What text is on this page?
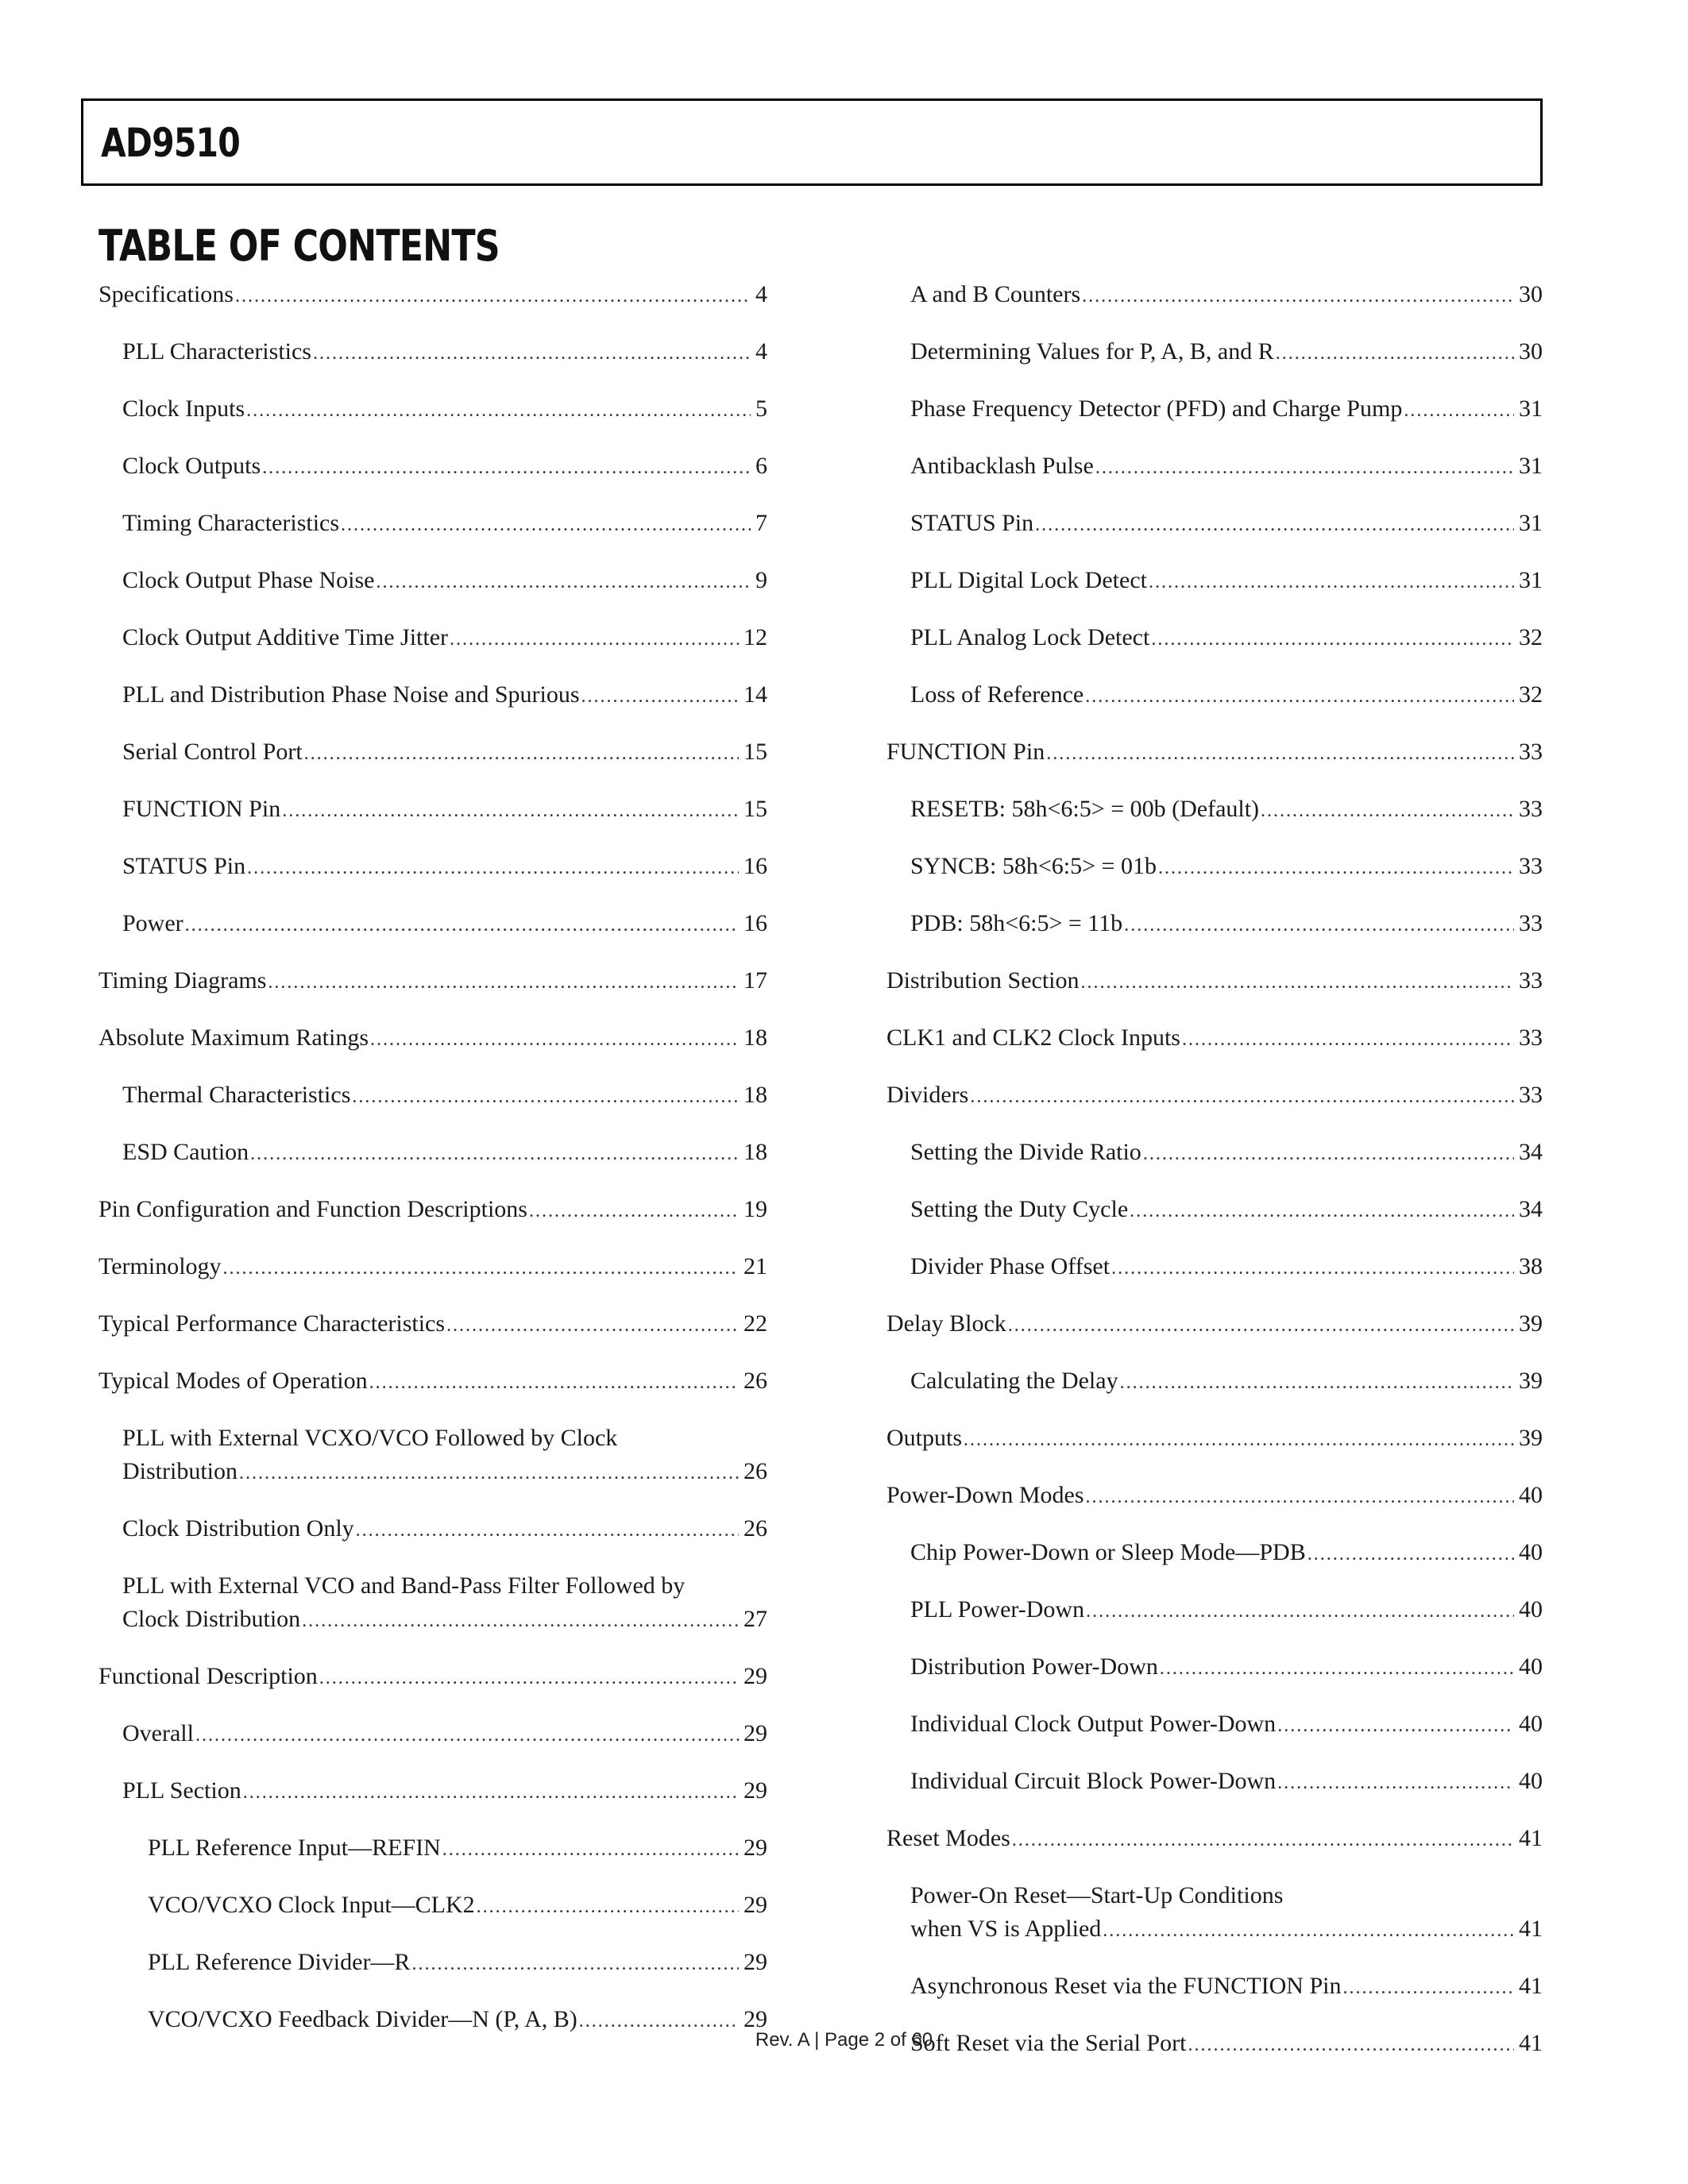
AD9510
TABLE OF CONTENTS
Specifications .....	4
PLL Characteristics .....	4
Clock Inputs .....	5
Clock Outputs .....	6
Timing Characteristics .....	7
Clock Output Phase Noise .....	9
Clock Output Additive Time Jitter .....	12
PLL and Distribution Phase Noise and Spurious .....	14
Serial Control Port .....	15
FUNCTION Pin .....	15
STATUS Pin .....	16
Power .....	16
Timing Diagrams .....	17
Absolute Maximum Ratings .....	18
Thermal Characteristics .....	18
ESD Caution .....	18
Pin Configuration and Function Descriptions .....	19
Terminology .....	21
Typical Performance Characteristics .....	22
Typical Modes of Operation .....	26
PLL with External VCXO/VCO Followed by Clock
Distribution .....	26
Clock Distribution Only .....	26
PLL with External VCO and Band-Pass Filter Followed by
Clock Distribution .....	27
Functional Description .....	29
Overall .....	29
PLL Section .....	29
PLL Reference Input—REFIN .....	29
VCO/VCXO Clock Input—CLK2 .....	29
PLL Reference Divider—R .....	29
VCO/VCXO Feedback Divider—N (P, A, B) .....	29
A and B Counters .....	30
Determining Values for P, A, B, and R .....	30
Phase Frequency Detector (PFD) and Charge Pump .....	31
Antibacklash Pulse .....	31
STATUS Pin .....	31
PLL Digital Lock Detect .....	31
PLL Analog Lock Detect .....	32
Loss of Reference .....	32
FUNCTION Pin .....	33
RESETB: 58h<6:5> = 00b (Default) .....	33
SYNCB: 58h<6:5> = 01b .....	33
PDB: 58h<6:5> = 11b .....	33
Distribution Section .....	33
CLK1 and CLK2 Clock Inputs .....	33
Dividers .....	33
Setting the Divide Ratio .....	34
Setting the Duty Cycle .....	34
Divider Phase Offset .....	38
Delay Block .....	39
Calculating the Delay .....	39
Outputs .....	39
Power-Down Modes .....	40
Chip Power-Down or Sleep Mode—PDB .....	40
PLL Power-Down .....	40
Distribution Power-Down .....	40
Individual Clock Output Power-Down .....	40
Individual Circuit Block Power-Down .....	40
Reset Modes .....	41
Power-On Reset—Start-Up Conditions
when VS is Applied .....	41
Asynchronous Reset via the FUNCTION Pin .....	41
Soft Reset via the Serial Port .....	41
Rev. A | Page 2 of 60
